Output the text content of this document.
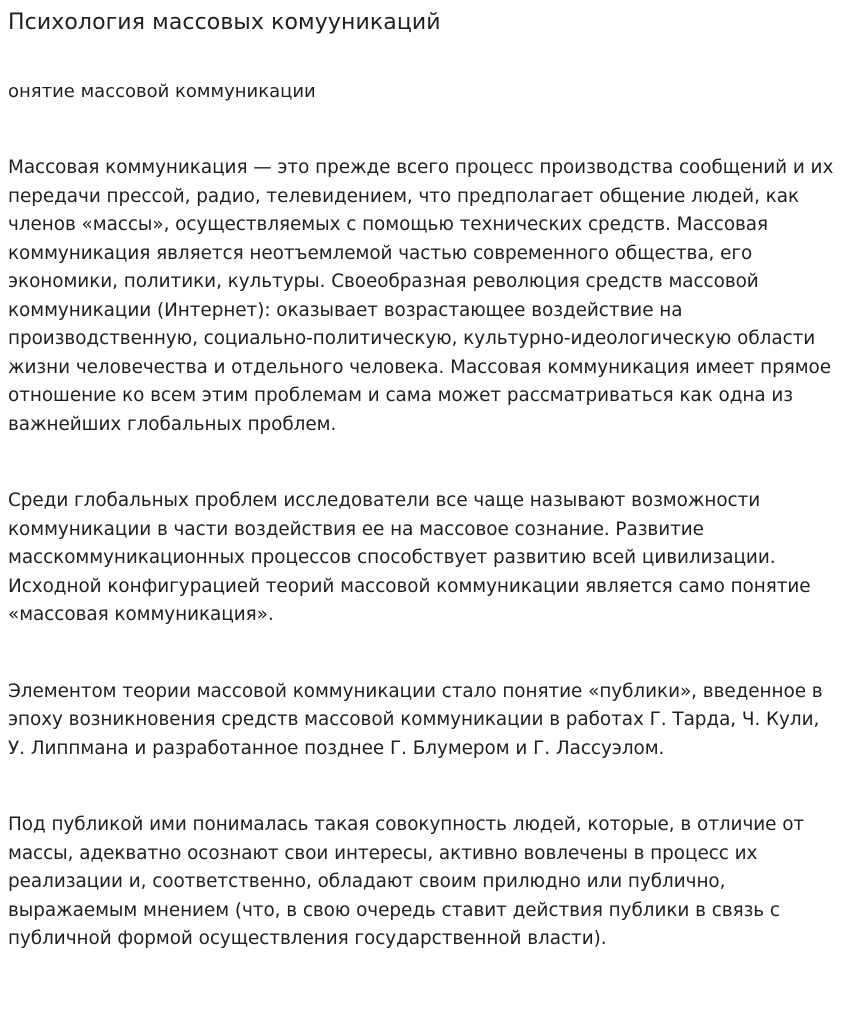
Психология массовых комууникаций
онятие массовой коммуникации

Массовая коммуникация — это прежде всего процесс производства сообщений и их передачи прессой, радио, телевидением, что предполагает общение людей, как членов «массы», осуществляемых с помощью технических средств. Массовая коммуникация является неотъемлемой частью современного общества, его экономики, политики, культуры. Своеобразная революция средств массовой коммуникации (Интернет): оказывает возрастающее воздействие на производственную, социально-политическую, культурно-идеологическую области жизни человечества и отдельного человека. Массовая коммуникация имеет прямое отношение ко всем этим проблемам и сама может рассматриваться как одна из важнейших глобальных проблем.

Среди глобальных проблем исследователи все чаще называют возможности коммуникации в части воздействия ее на массовое сознание. Развитие масскоммуникационных процессов способствует развитию всей цивилизации. Исходной конфигурацией теорий массовой коммуникации является само понятие «массовая коммуникация».

Элементом теории массовой коммуникации стало понятие «публики», введенное в эпоху возникновения средств массовой коммуникации в работах Г. Тарда, Ч. Кули, У. Липпмана и разработанное позднее Г. Блумером и Г. Лассуэлом.

Под публикой ими понималась такая совокупность людей, которые, в отличие от массы, адекватно осознают свои интересы, активно вовлечены в процесс их реализации и, соответственно, обладают своим прилюдно или публично, выражаемым мнением (что, в свою очередь ставит действия публики в связь с публичной формой осуществления государственной власти).
